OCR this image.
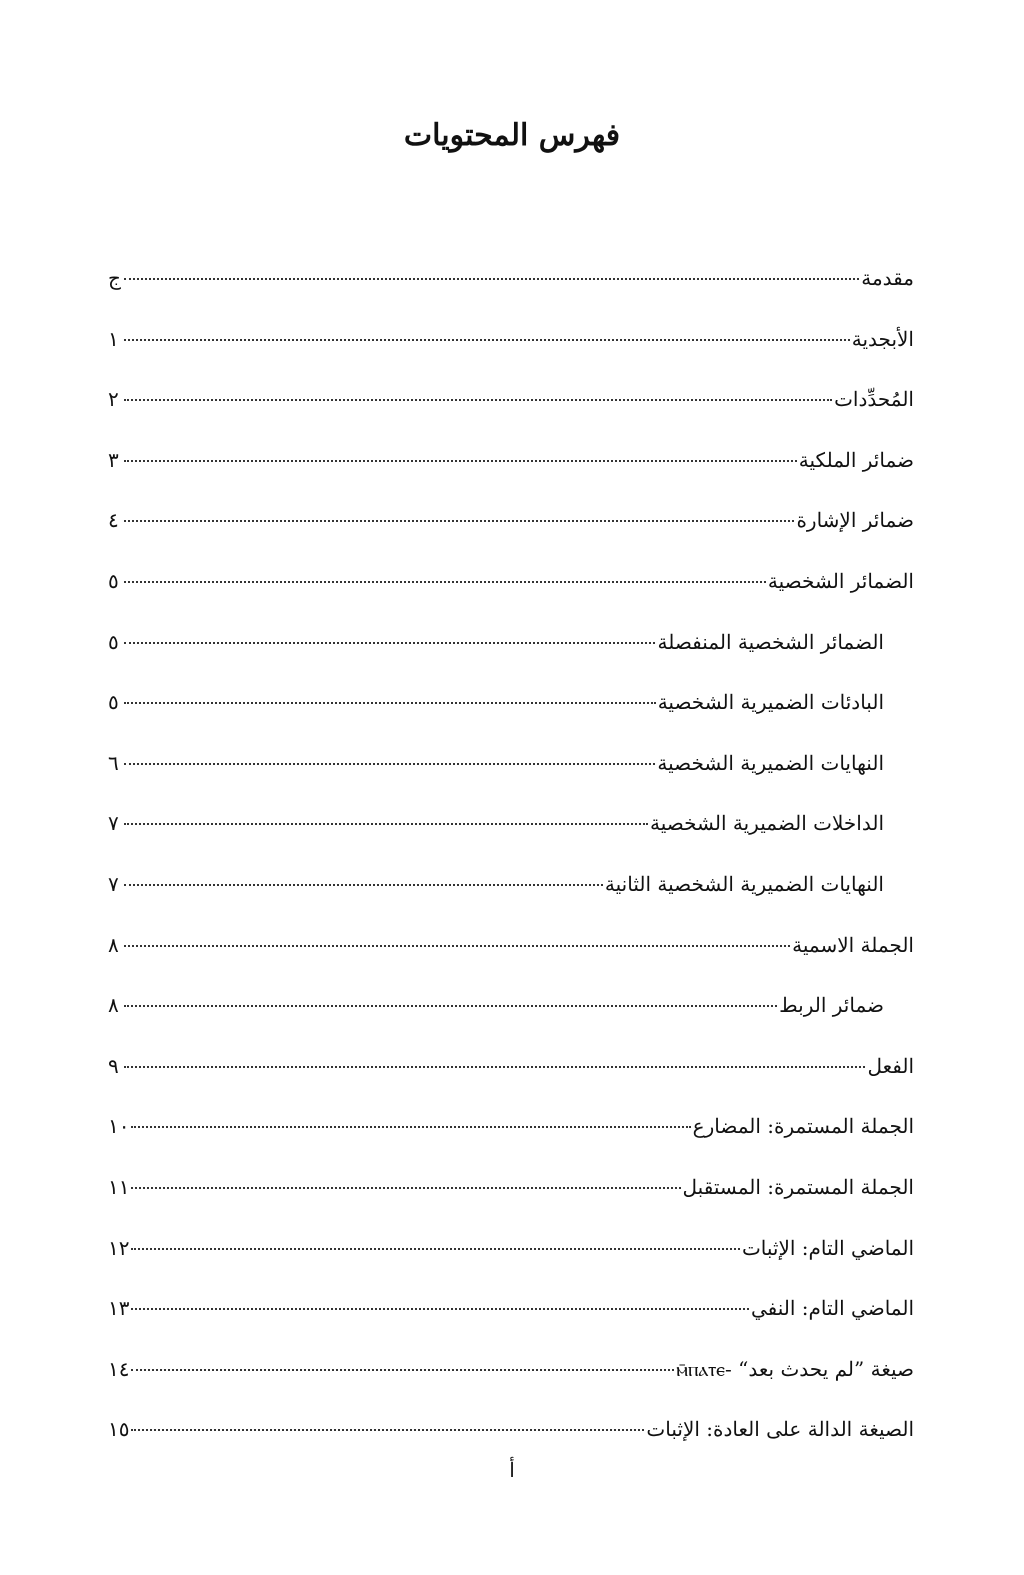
فهرس المحتويات
مقدمة
ج
الأبجدية
١
المُحدِّدات
٢
ضمائر الملكية
٣
ضمائر الإشارة
٤
الضمائر الشخصية
٥
الضمائر الشخصية المنفصلة
٥
البادئات الضميرية الشخصية
٥
النهايات الضميرية الشخصية
٦
الداخلات الضميرية الشخصية
٧
النهايات الضميرية الشخصية الثانية
٧
الجملة الاسمية
٨
ضمائر الربط
٨
الفعل
٩
الجملة المستمرة: المضارع
١٠
الجملة المستمرة: المستقبل
١١
الماضي التام: الإثبات
١٢
الماضي التام: النفي
١٣
صيغة ”لم يحدث بعد“ -ⲙ̄ⲡⲁⲧⲉ
١٤
الصيغة الدالة على العادة: الإثبات
١٥
أ
